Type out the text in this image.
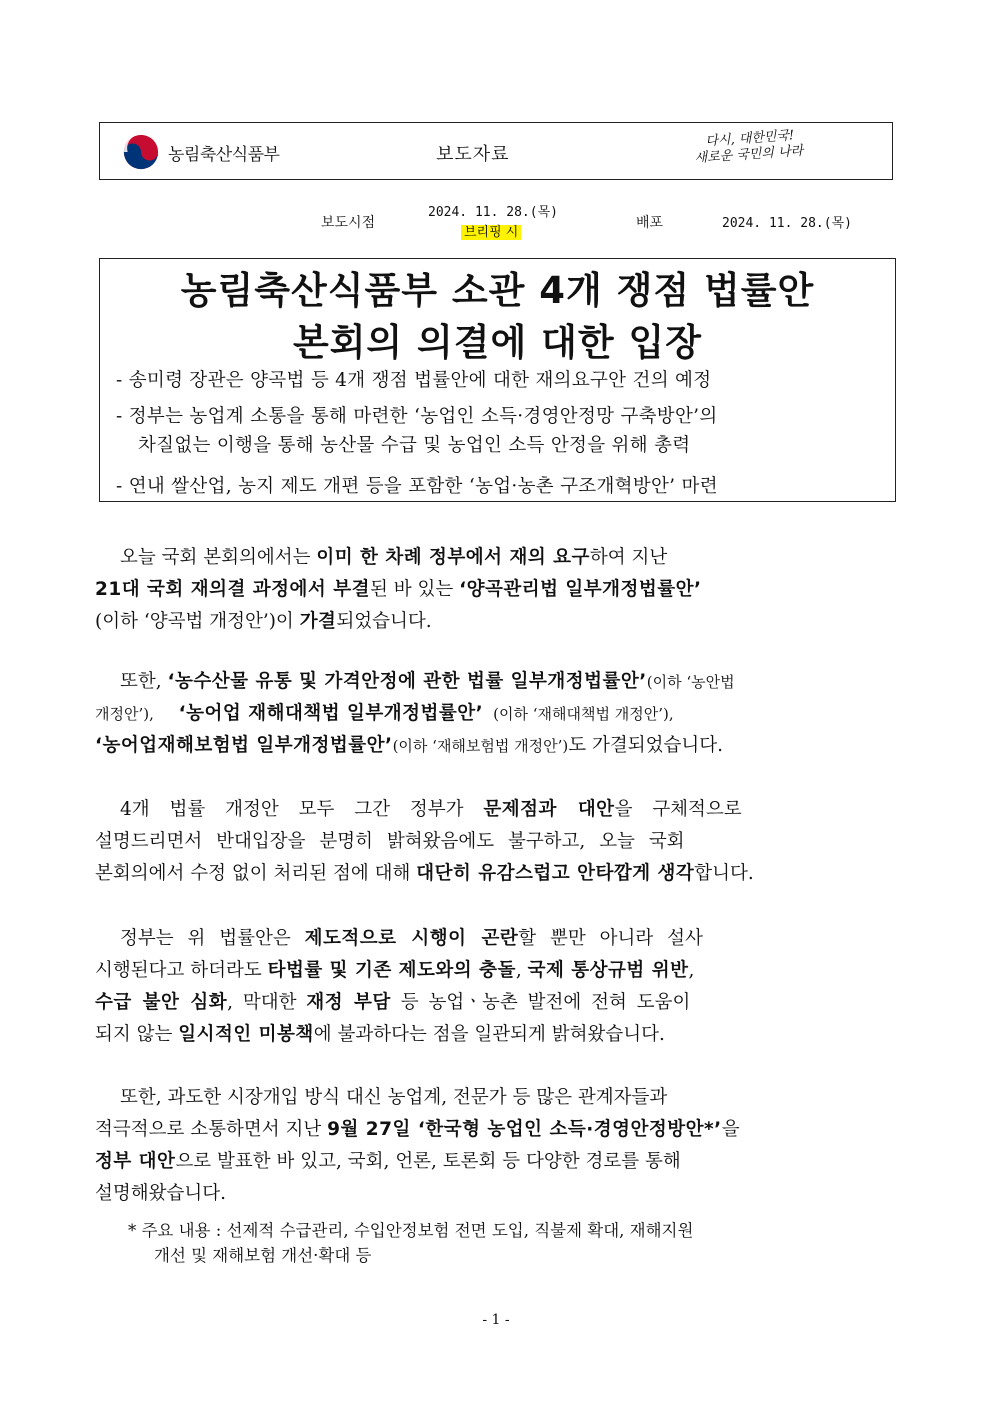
농림축산식품부	보도자료
다시, 대한민국!
새로운 국민의 나라
보도시점
2024. 11. 28.(목)
브리핑 시
배포	2024. 11. 28.(목)
농림축산식품부 소관 4개 쟁점 법률안
본회의 의결에 대한 입장
- 송미령 장관은 양곡법 등 4개 쟁점 법률안에 대한 재의요구안 건의 예정
- 정부는 농업계 소통을 통해 마련한 ‘농업인 소득·경영안정망 구축방안’의
차질없는 이행을 통해 농산물 수급 및 농업인 소득 안정을 위해 총력
- 연내 쌀산업, 농지 제도 개편 등을 포함한 ‘농업·농촌 구조개혁방안’ 마련
오늘 국회 본회의에서는 이미 한 차례 정부에서 재의 요구하여 지난
21대 국회 재의결 과정에서 부결된 바 있는 ‘양곡관리법 일부개정법률안’
(이하 ‘양곡법 개정안’)이 가결되었습니다.
또한, ‘농수산물 유통 및 가격안정에 관한 법률 일부개정법률안’(이하 ‘농안법
개정안’), ‘농어업 재해대책법 일부개정법률안’ (이하 ‘재해대책법 개정안’),
‘농어업재해보험법 일부개정법률안’(이하 ‘재해보험법 개정안’)도 가결되었습니다.
4개 법률 개정안 모두 그간 정부가 문제점과 대안을 구체적으로
설명드리면서 반대입장을 분명히 밝혀왔음에도 불구하고, 오늘 국회
본회의에서 수정 없이 처리된 점에 대해 대단히 유감스럽고 안타깝게 생각합니다.
정부는 위 법률안은 제도적으로 시행이 곤란할 뿐만 아니라 설사
시행된다고 하더라도 타법률 및 기존 제도와의 충돌, 국제 통상규범 위반,
수급 불안 심화, 막대한 재정 부담 등 농업ㆍ농촌 발전에 전혀 도움이
되지 않는 일시적인 미봉책에 불과하다는 점을 일관되게 밝혀왔습니다.
또한, 과도한 시장개입 방식 대신 농업계, 전문가 등 많은 관계자들과
적극적으로 소통하면서 지난 9월 27일 ‘한국형 농업인 소득·경영안정방안*’을
정부 대안으로 발표한 바 있고, 국회, 언론, 토론회 등 다양한 경로를 통해
설명해왔습니다.
* 주요 내용 : 선제적 수급관리, 수입안정보험 전면 도입, 직불제 확대, 재해지원
개선 및 재해보험 개선·확대 등
- 1 -
